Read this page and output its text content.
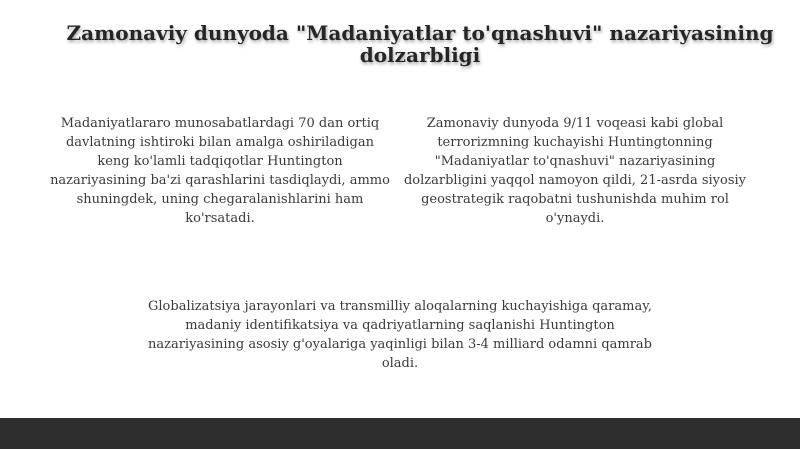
Zamonaviy dunyoda "Madaniyatlar to'qnashuvi" nazariyasining dolzarbligi

Madaniyatlararo munosabatlardagi 70 dan ortiq davlatning ishtiroki bilan amalga oshiriladigan keng ko'lamli tadqiqotlar Huntington nazariyasining ba'zi qarashlarini tasdiqlaydi, ammo shuningdek, uning chegaralanishlarini ham ko'rsatadi.

Zamonaviy dunyoda 9/11 voqeasi kabi global terrorizmning kuchayishi Huntingtonning "Madaniyatlar to'qnashuvi" nazariyasining dolzarbligini yaqqol namoyon qildi, 21-asrda siyosiy geostrategik raqobatni tushunishda muhim rol o'ynaydi.

Globalizatsiya jarayonlari va transmilliy aloqalarning kuchayishiga qaramay, madaniy identifikatsiya va qadriyatlarning saqlanishi Huntington nazariyasining asosiy g'oyalariga yaqinligi bilan 3-4 milliard odamni qamrab oladi.
